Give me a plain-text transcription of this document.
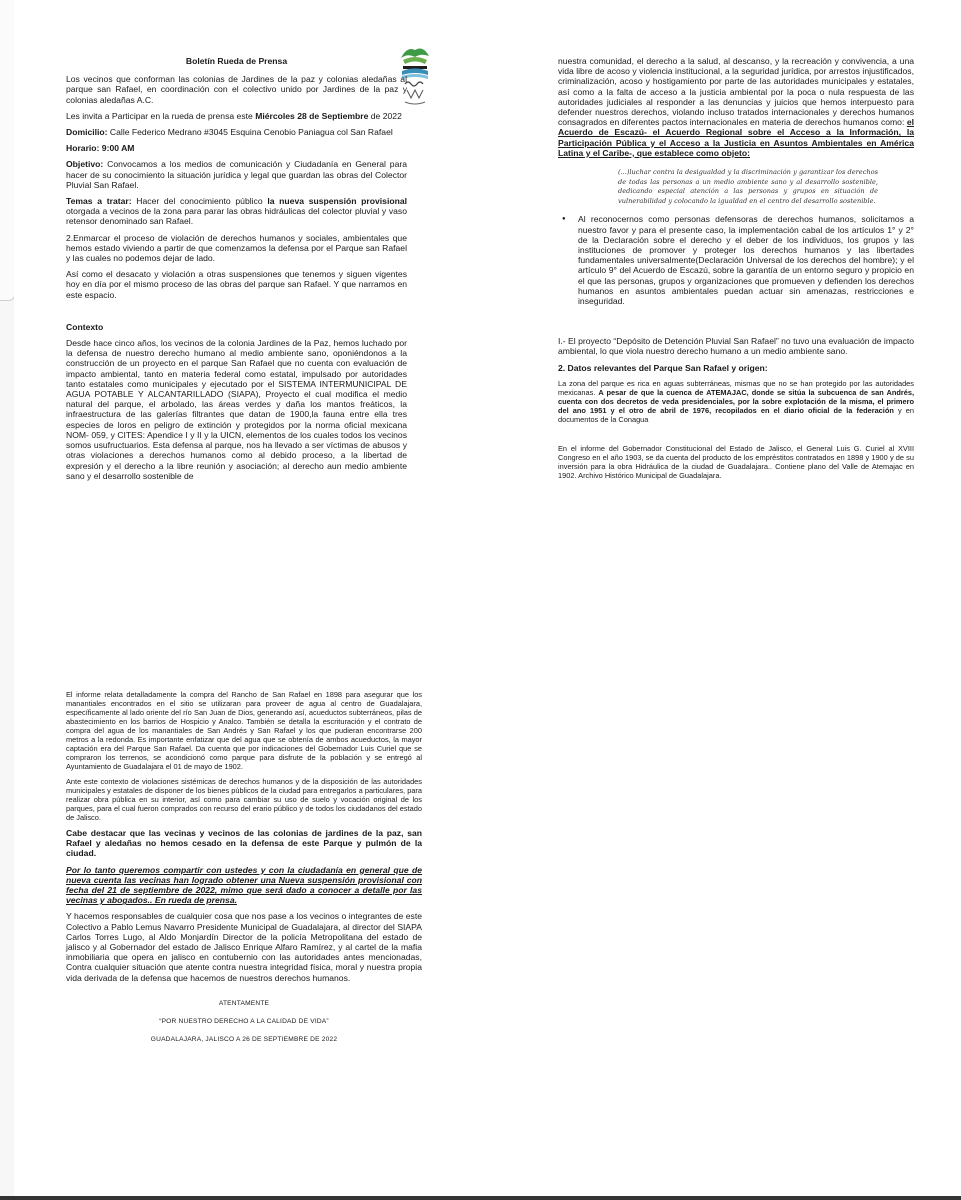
Boletín Rueda de Prensa

Los vecinos que conforman las colonias de Jardines de la paz y colonias aledañas al parque san Rafael, en coordinación con el colectivo unido por Jardines de la paz y colonias aledañas A.C.

Les invita a Participar en la rueda de prensa este Miércoles 28 de Septiembre de 2022

Domicilio: Calle Federico Medrano #3045 Esquina Cenobio Paniagua col San Rafael

Horario: 9:00 AM

Objetivo: Convocamos a los medios de comunicación y Ciudadanía en General para hacer de su conocimiento la situación jurídica y legal que guardan las obras del Colector Pluvial San Rafael.

Temas a tratar: Hacer del conocimiento público la nueva suspensión provisional otorgada a vecinos de la zona para parar las obras hidráulicas del colector pluvial y vaso retensor denominado san Rafael.

2.Enmarcar el proceso de violación de derechos humanos y sociales, ambientales que hemos estado viviendo a partir de que comenzamos la defensa por el Parque san Rafael y las cuales no podemos dejar de lado.

Así como el desacato y violación a otras suspensiones que tenemos y siguen vigentes hoy en día por el mismo proceso de las obras del parque san Rafael. Y que narramos en este espacio.

Contexto

Desde hace cinco años, los vecinos de la colonia Jardines de la Paz, hemos luchado por la defensa de nuestro derecho humano al medio ambiente sano, oponiéndonos a la construcción de un proyecto en el parque San Rafael que no cuenta con evaluación de impacto ambiental, tanto en materia federal como estatal, impulsado por autoridades tanto estatales como municipales y ejecutado por el SISTEMA INTERMUNICIPAL DE AGUA POTABLE Y ALCANTARILLADO (SIAPA), Proyecto el cual modifica el medio natural del parque, el arbolado, las áreas verdes y daña los mantos freáticos, la infraestructura de las galerías filtrantes que datan de 1900,la fauna entre ella tres especies de loros en peligro de extinción y protegidos por la norma oficial mexicana NOM- 059, y CITES: Apendice I y II y la UICN, elementos de los cuales todos los vecinos somos usufructuarios. Esta defensa al parque, nos ha llevado a ser víctimas de abusos y otras violaciones a derechos humanos como al debido proceso, a la libertad de expresión y el derecho a la libre reunión y asociación; al derecho aun medio ambiente sano y el desarrollo sostenible de

nuestra comunidad, el derecho a la salud, al descanso, y la recreación y convivencia, a una vida libre de acoso y violencia institucional, a la seguridad jurídica, por arrestos injustificados, criminalización, acoso y hostigamiento por parte de las autoridades municipales y estatales, así como a la falta de acceso a la justicia ambiental por la poca o nula respuesta de las autoridades judiciales al responder a las denuncias y juicios que hemos interpuesto para defender nuestros derechos, violando incluso tratados internacionales y derechos humanos consagrados en diferentes pactos internacionales en materia de derechos humanos como: el Acuerdo de Escazú- el Acuerdo Regional sobre el Acceso a la Información, la Participación Pública y el Acceso a la Justicia en Asuntos Ambientales en América Latina y el Caribe-, que establece como objeto:

(...)luchar contra la desigualdad y la discriminación y garantizar los derechos de todas las personas a un medio ambiente sano y al desarrollo sostenible, dedicando especial atención a las personas y grupos en situación de vulnerabilidad y colocando la igualdad en el centro del desarrollo sostenible.

●	Al reconocernos como personas defensoras de derechos humanos, solicitamos a nuestro favor y para el presente caso, la implementación cabal de los artículos 1° y 2° de la Declaración sobre el derecho y el deber de los individuos, los grupos y las instituciones de promover y proteger los derechos humanos y las libertades fundamentales universalmente(Declaración Universal de los derechos del hombre); y el artículo 9° del Acuerdo de Escazú, sobre la garantía de un entorno seguro y propicio en el que las personas, grupos y organizaciones que promueven y defienden los derechos humanos en asuntos ambientales puedan actuar sin amenazas, restricciones e inseguridad.

I.- El proyecto “Depósito de Detención Pluvial San Rafael” no tuvo una evaluación de impacto ambiental, lo que viola nuestro derecho humano a un medio ambiente sano.

2. Datos relevantes del Parque San Rafael y origen:

La zona del parque es rica en aguas subterráneas, mismas que no se han protegido por las autoridades mexicanas. A pesar de que la cuenca de ATEMAJAC, donde se sitúa la subcuenca de san Andrés, cuenta con dos decretos de veda presidenciales, por la sobre explotación de la misma, el primero del ano 1951 y el otro de abril de 1976, recopilados en el diario oficial de la federación y en documentos de la Conagua

En el informe del Gobernador Constitucional del Estado de Jalisco, el General Luis G. Curiel al XVIII Congreso en el año 1903, se da cuenta del producto de los empréstitos contratados en 1898 y 1900 y de su inversión para la obra Hidráulica de la ciudad de Guadalajara.. Contiene plano del Valle de Atemajac en 1902. Archivo Histórico Municipal de Guadalajara.

El informe relata detalladamente la compra del Rancho de San Rafael en 1898 para asegurar que los manantiales encontrados en el sitio se utilizaran para proveer de agua al centro de Guadalajara, específicamente al lado oriente del río San Juan de Dios, generando así, acueductos subterráneos, pilas de abastecimiento en los barrios de Hospicio y Analco. También se detalla la escrituración y el contrato de compra del agua de los manantiales de San Andrés y San Rafael y los que pudieran encontrarse 200 metros a la redonda. Es importante enfatizar que del agua que se obtenía de ambos acueductos, la mayor captación era del Parque San Rafael. Da cuenta que por indicaciones del Gobernador Luis Curiel que se compraron los terrenos, se acondicionó como parque para disfrute de la población y se entregó al Ayuntamiento de Guadalajara el 01 de mayo de 1902.

Ante este contexto de violaciones sistémicas de derechos humanos y de la disposición de las autoridades municipales y estatales de disponer de los bienes públicos de la ciudad para entregarlos a particulares, para realizar obra pública en su interior, así como para cambiar su uso de suelo y vocación original de los parques, para el cual fueron comprados con recurso del erario público y de todos los ciudadanos del estado de Jalisco.

Cabe destacar que las vecinas y vecinos de las colonias de jardines de la paz, san Rafael y aledañas no hemos cesado en la defensa de este Parque y pulmón de la ciudad.

Por lo tanto queremos compartir con ustedes y con la ciudadanía en general que de nueva cuenta las vecinas han logrado obtener una Nueva suspensión provisional con fecha del 21 de septiembre de 2022, mimo que será dado a conocer a detalle por las vecinas y abogados.. En rueda de prensa.

Y hacemos responsables de cualquier cosa que nos pase a los vecinos o integrantes de este Colectivo a Pablo Lemus Navarro Presidente Municipal de Guadalajara, al director del SIAPA Carlos Torres Lugo, al Aldo Monjardín Director de la policía Metropolitana del estado de jalisco y al Gobernador del estado de Jalisco Enrique Alfaro Ramírez, y al cartel de la mafia inmobiliaria que opera en jalisco en contubernio con las autoridades antes mencionadas, Contra cualquier situación que atente contra nuestra integridad física, moral y nuestra propia vida derivada de la defensa que hacemos de nuestros derechos humanos.

ATENTAMENTE

“POR NUESTRO DERECHO A LA CALIDAD DE VIDA”

GUADALAJARA, JALISCO A 26 DE SEPTIEMBRE DE 2022
